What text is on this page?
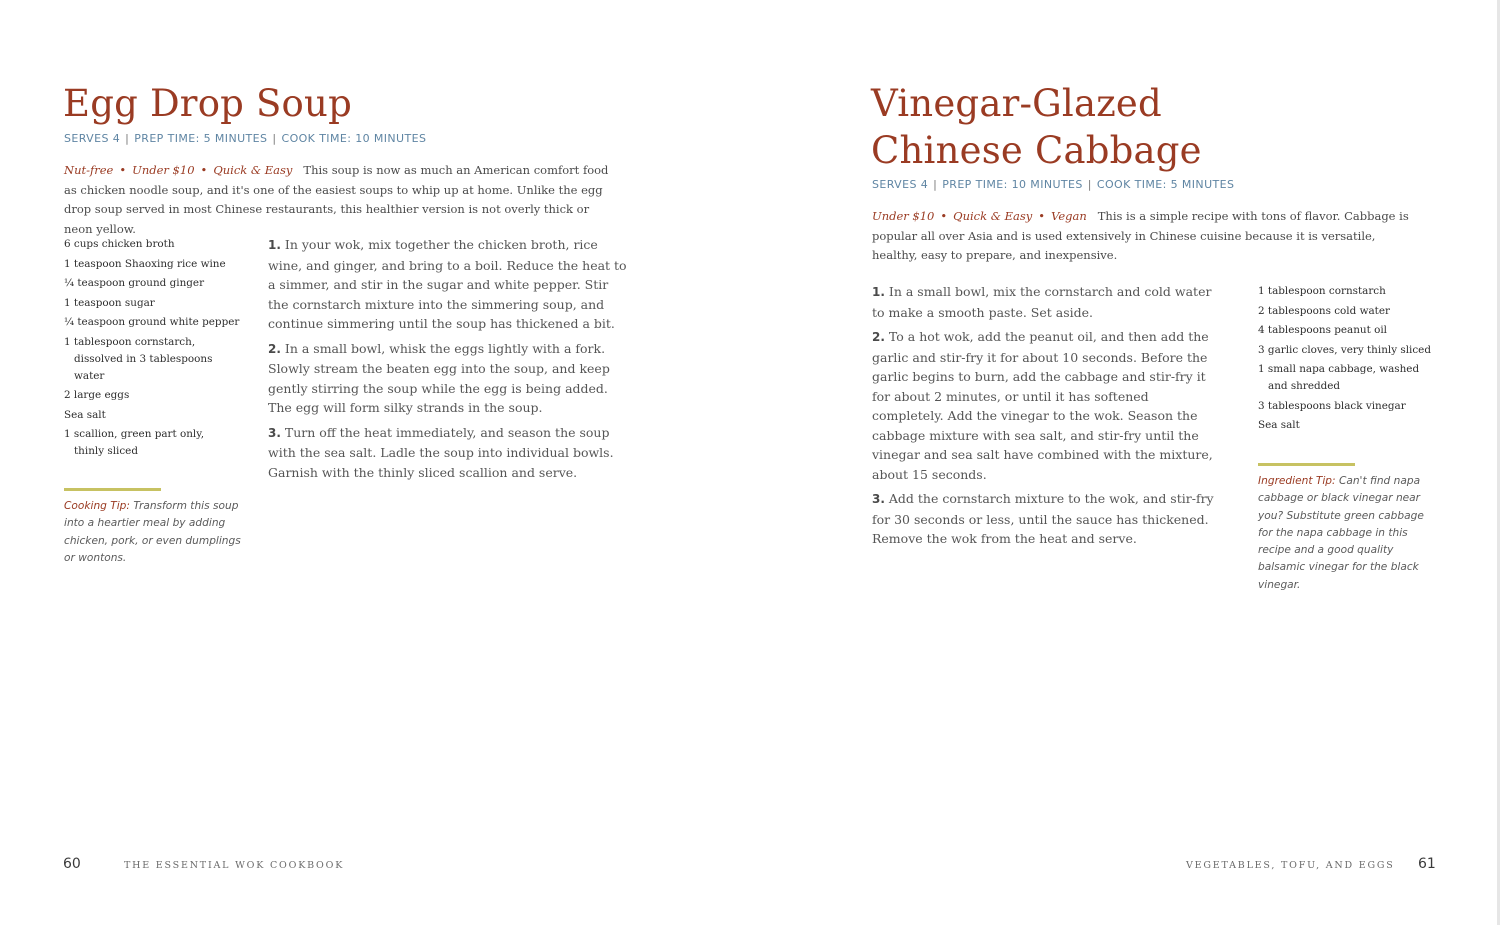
Egg Drop Soup
SERVES 4 | PREP TIME: 5 MINUTES | COOK TIME: 10 MINUTES
Nut-free • Under $10 • Quick & Easy This soup is now as much an American comfort food as chicken noodle soup, and it's one of the easiest soups to whip up at home. Unlike the egg drop soup served in most Chinese restaurants, this healthier version is not overly thick or neon yellow.
6 cups chicken broth
1 teaspoon Shaoxing rice wine
¼ teaspoon ground ginger
1 teaspoon sugar
¼ teaspoon ground white pepper
1 tablespoon cornstarch, dissolved in 3 tablespoons water
2 large eggs
Sea salt
1 scallion, green part only, thinly sliced

1. In your wok, mix together the chicken broth, rice wine, and ginger, and bring to a boil. Reduce the heat to a simmer, and stir in the sugar and white pepper. Stir the cornstarch mixture into the simmering soup, and continue simmering until the soup has thickened a bit.

2. In a small bowl, whisk the eggs lightly with a fork. Slowly stream the beaten egg into the soup, and keep gently stirring the soup while the egg is being added. The egg will form silky strands in the soup.

3. Turn off the heat immediately, and season the soup with the sea salt. Ladle the soup into individual bowls. Garnish with the thinly sliced scallion and serve.

Cooking Tip: Transform this soup into a heartier meal by adding chicken, pork, or even dumplings or wontons.
60	THE ESSENTIAL WOK COOKBOOK
Vinegar-Glazed
Chinese Cabbage
SERVES 4 | PREP TIME: 10 MINUTES | COOK TIME: 5 MINUTES
Under $10 • Quick & Easy • Vegan This is a simple recipe with tons of flavor. Cabbage is popular all over Asia and is used extensively in Chinese cuisine because it is versatile, healthy, easy to prepare, and inexpensive.

1. In a small bowl, mix the cornstarch and cold water to make a smooth paste. Set aside.

2. To a hot wok, add the peanut oil, and then add the garlic and stir-fry it for about 10 seconds. Before the garlic begins to burn, add the cabbage and stir-fry it for about 2 minutes, or until it has softened completely. Add the vinegar to the wok. Season the cabbage mixture with sea salt, and stir-fry until the vinegar and sea salt have combined with the mixture, about 15 seconds.

3. Add the cornstarch mixture to the wok, and stir-fry for 30 seconds or less, until the sauce has thickened. Remove the wok from the heat and serve.

1 tablespoon cornstarch
2 tablespoons cold water
4 tablespoons peanut oil
3 garlic cloves, very thinly sliced
1 small napa cabbage, washed and shredded
3 tablespoons black vinegar
Sea salt
Ingredient Tip: Can't find napa cabbage or black vinegar near you? Substitute green cabbage for the napa cabbage in this recipe and a good quality balsamic vinegar for the black vinegar.
VEGETABLES, TOFU, AND EGGS 61
